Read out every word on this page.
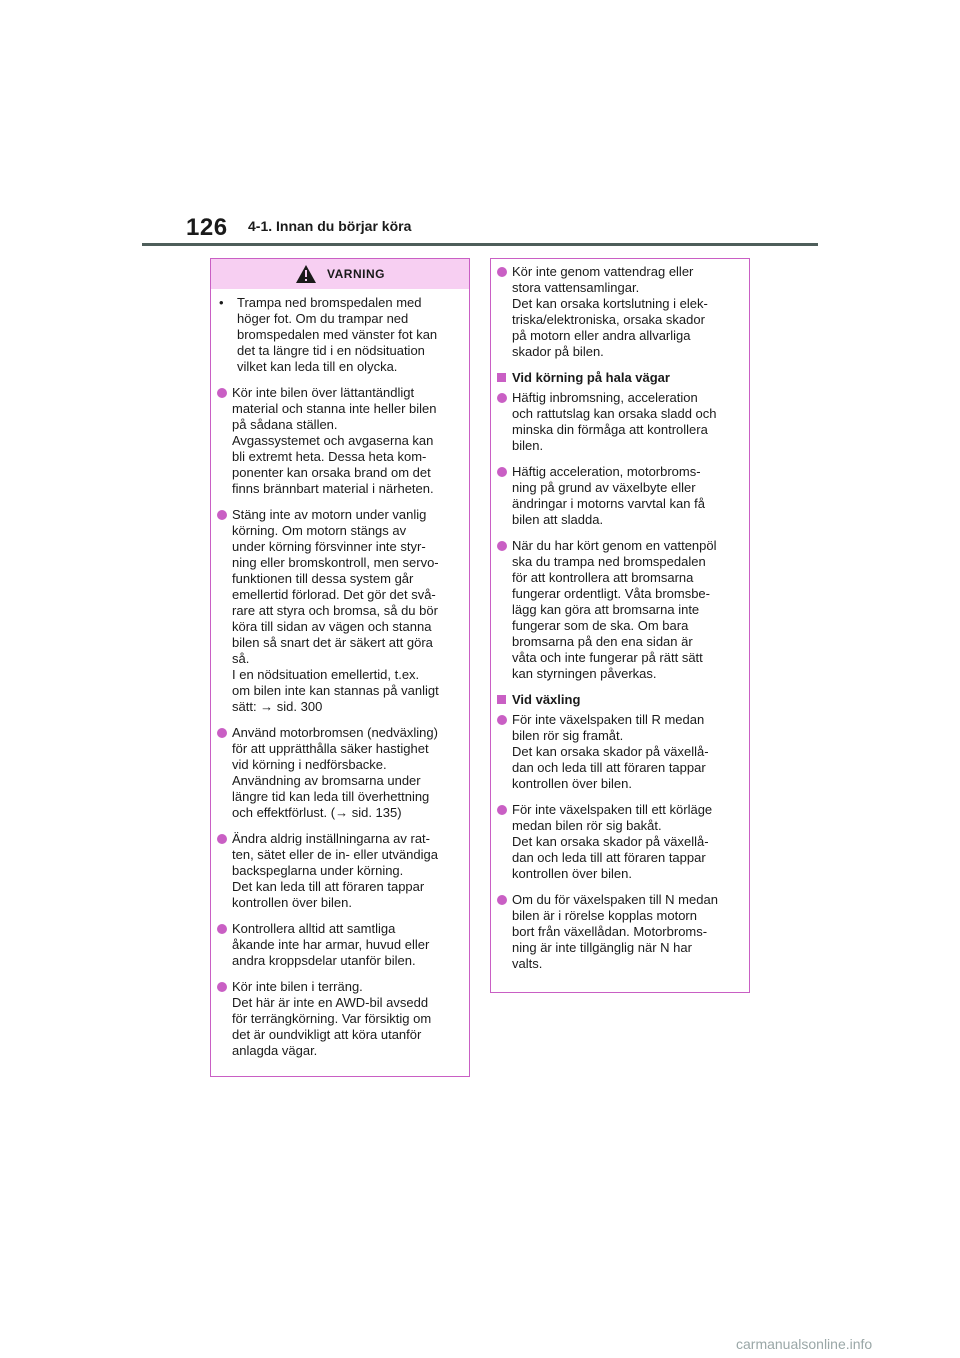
126 4-1. Innan du börjar köra
VARNING
•	Trampa ned bromspedalen med
höger fot. Om du trampar ned
bromspedalen med vänster fot kan
det ta längre tid i en nödsituation
vilket kan leda till en olycka.
Kör inte bilen över lättantändligt
material och stanna inte heller bilen
på sådana ställen.
Avgassystemet och avgaserna kan
bli extremt heta. Dessa heta kom-
ponenter kan orsaka brand om det
finns brännbart material i närheten.
Stäng inte av motorn under vanlig
körning. Om motorn stängs av
under körning försvinner inte styr-
ning eller bromskontroll, men servo-
funktionen till dessa system går
emellertid förlorad. Det gör det svå-
rare att styra och bromsa, så du bör
köra till sidan av vägen och stanna
bilen så snart det är säkert att göra
så.
I en nödsituation emellertid, t.ex.
om bilen inte kan stannas på vanligt
sätt: → sid. 300
Använd motorbromsen (nedväxling)
för att upprätthålla säker hastighet
vid körning i nedförsbacke.
Användning av bromsarna under
längre tid kan leda till överhettning
och effektförlust. (→ sid. 135)
Ändra aldrig inställningarna av rat-
ten, sätet eller de in- eller utvändiga
backspeglarna under körning.
Det kan leda till att föraren tappar
kontrollen över bilen.
Kontrollera alltid att samtliga
åkande inte har armar, huvud eller
andra kroppsdelar utanför bilen.
Kör inte bilen i terräng.
Det här är inte en AWD-bil avsedd
för terrängkörning. Var försiktig om
det är oundvikligt att köra utanför
anlagda vägar.
Kör inte genom vattendrag eller
stora vattensamlingar.
Det kan orsaka kortslutning i elek-
triska/elektroniska, orsaka skador
på motorn eller andra allvarliga
skador på bilen.
Vid körning på hala vägar
Häftig inbromsning, acceleration
och rattutslag kan orsaka sladd och
minska din förmåga att kontrollera
bilen.
Häftig acceleration, motorbroms-
ning på grund av växelbyte eller
ändringar i motorns varvtal kan få
bilen att sladda.
När du har kört genom en vattenpöl
ska du trampa ned bromspedalen
för att kontrollera att bromsarna
fungerar ordentligt. Våta bromsbe-
lägg kan göra att bromsarna inte
fungerar som de ska. Om bara
bromsarna på den ena sidan är
våta och inte fungerar på rätt sätt
kan styrningen påverkas.
Vid växling
För inte växelspaken till R medan
bilen rör sig framåt.
Det kan orsaka skador på växellå-
dan och leda till att föraren tappar
kontrollen över bilen.
För inte växelspaken till ett körläge
medan bilen rör sig bakåt.
Det kan orsaka skador på växellå-
dan och leda till att föraren tappar
kontrollen över bilen.
Om du för växelspaken till N medan
bilen är i rörelse kopplas motorn
bort från växellådan. Motorbroms-
ning är inte tillgänglig när N har
valts.
carmanualsonline.info
